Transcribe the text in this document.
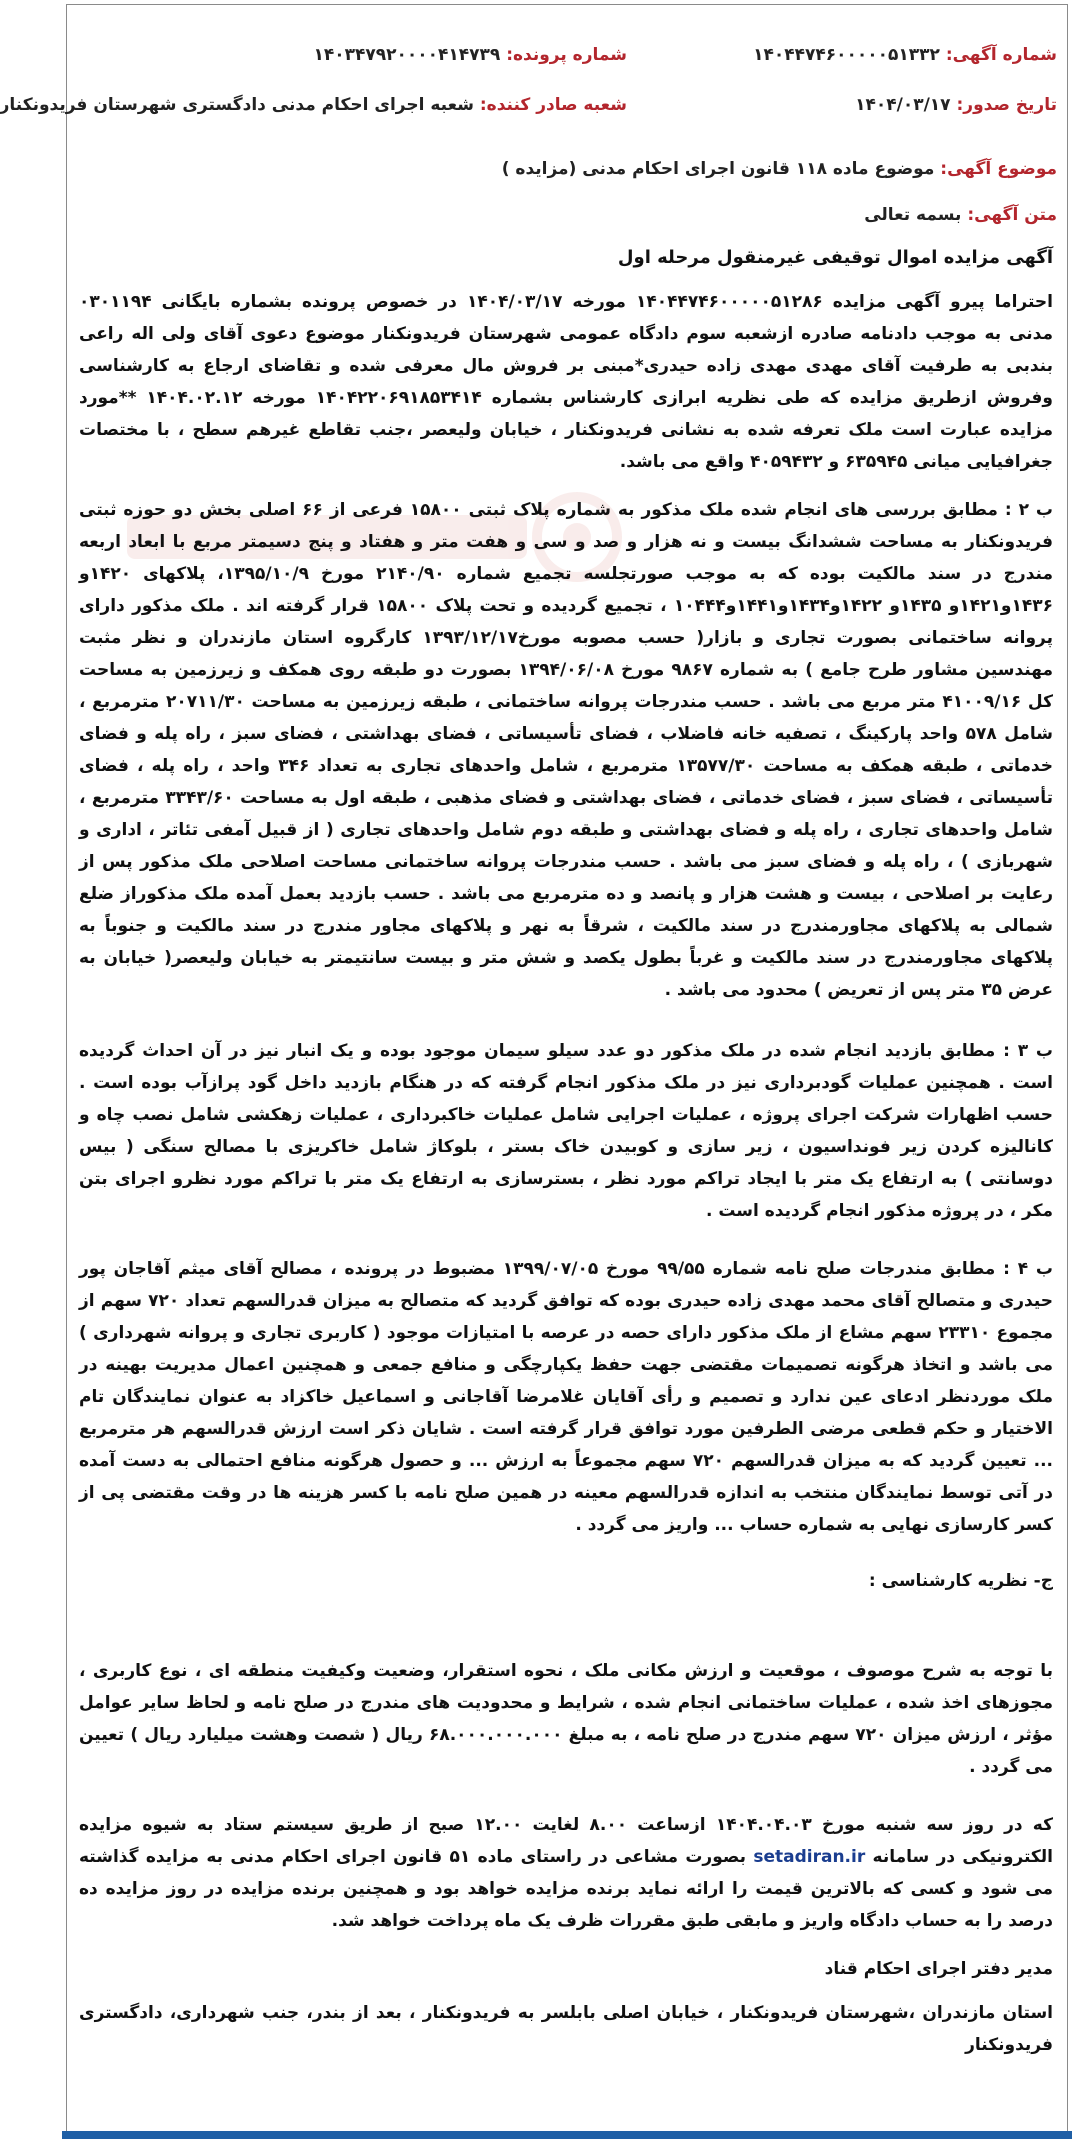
شماره آگهی: ۱۴۰۴۴۷۴۶۰۰۰۰۰۵۱۳۳۲
شماره پرونده: ۱۴۰۳۴۷۹۲۰۰۰۰۴۱۴۷۳۹
تاریخ صدور: ۱۴۰۴/۰۳/۱۷
شعبه صادر کننده: شعبه اجرای احکام مدنی دادگستری شهرستان فریدونکنار
موضوع آگهی: موضوع ماده ۱۱۸ قانون اجرای احکام مدنی (مزایده )
متن آگهی: بسمه تعالی
آگهی مزایده اموال توقیفی غیرمنقول مرحله اول

احتراما پیرو آگهی مزایده ۱۴۰۴۴۷۴۶۰۰۰۰۰۵۱۲۸۶ مورخه ۱۴۰۴/۰۳/۱۷ در خصوص پرونده بشماره بایگانی ۰۳۰۱۱۹۴ مدنی به موجب دادنامه صادره ازشعبه سوم دادگاه عمومی شهرستان فریدونکنار موضوع دعوی آقای ولی اله راعی بندبی به طرفیت آقای مهدی مهدی زاده حیدری*مبنی بر فروش مال معرفی شده و تقاضای ارجاع به کارشناسی وفروش ازطریق مزایده که طی نظریه ابرازی کارشناس بشماره ۱۴۰۴۲۲۰۶۹۱۸۵۳۴۱۴ مورخه ۱۴۰۴.۰۲.۱۲ **مورد مزایده عبارت است ملک تعرفه شده به نشانی فریدونکنار ، خیابان ولیعصر ،جنب تقاطع غیرهم سطح ، با مختصات جغرافیایی میانی ۶۳۵۹۴۵ و ۴۰۵۹۴۳۲ واقع می باشد.

ب ۲ : مطابق بررسی های انجام شده ملک مذکور به شماره پلاک ثبتی ۱۵۸۰۰ فرعی از ۶۶ اصلی بخش دو حوزه ثبتی فریدونکنار به مساحت ششدانگ بیست و نه هزار و صد و سی و هفت متر و هفتاد و پنج دسیمتر مربع با ابعاد اربعه مندرج در سند مالکیت بوده که به موجب صورتجلسه تجمیع شماره ۲۱۴۰/۹۰ مورخ ۱۳۹۵/۱۰/۹، پلاکهای ۱۴۲۰و ۱۴۳۶و۱۴۲۱و ۱۴۳۵و ۱۴۲۲و۱۴۳۴و۱۴۴۱و۱۰۴۴۴ ، تجمیع گردیده و تحت پلاک ۱۵۸۰۰ قرار گرفته اند . ملک مذکور دارای پروانه ساختمانی بصورت تجاری و بازار( حسب مصوبه مورخ۱۳۹۳/۱۲/۱۷ کارگروه استان مازندران و نظر مثبت مهندسین مشاور طرح جامع ) به شماره ۹۸۶۷ مورخ ۱۳۹۴/۰۶/۰۸ بصورت دو طبقه روی همکف و زیرزمین به مساحت کل ۴۱۰۰۹/۱۶ متر مربع می باشد . حسب مندرجات پروانه ساختمانی ، طبقه زیرزمین به مساحت ۲۰۷۱۱/۳۰ مترمربع ، شامل ۵۷۸ واحد پارکینگ ، تصفیه خانه فاضلاب ، فضای تأسیساتی ، فضای بهداشتی ، فضای سبز ، راه پله و فضای خدماتی ، طبقه همکف به مساحت ۱۳۵۷۷/۳۰ مترمربع ، شامل واحدهای تجاری به تعداد ۳۴۶ واحد ، راه پله ، فضای تأسیساتی ، فضای سبز ، فضای خدماتی ، فضای بهداشتی و فضای مذهبی ، طبقه اول به مساحت ۳۳۴۳/۶۰ مترمربع ، شامل واحدهای تجاری ، راه پله و فضای بهداشتی و طبقه دوم شامل واحدهای تجاری ( از قبیل آمفی تئاتر ، اداری و شهربازی ) ، راه پله و فضای سبز می باشد . حسب مندرجات پروانه ساختمانی مساحت اصلاحی ملک مذکور پس از رعایت بر اصلاحی ، بیست و هشت هزار و پانصد و ده مترمربع می باشد . حسب بازدید بعمل آمده ملک مذکوراز ضلع شمالی به پلاکهای مجاورمندرج در سند مالکیت ، شرقاً به نهر و پلاکهای مجاور مندرج در سند مالکیت و جنوباً به پلاکهای مجاورمندرج در سند مالکیت و غرباً بطول یکصد و شش متر و بیست سانتیمتر به خیابان ولیعصر( خیابان به عرض ۳۵ متر پس از تعریض ) محدود می باشد .

ب ۳ : مطابق بازدید انجام شده در ملک مذکور دو عدد سیلو سیمان موجود بوده و یک انبار نیز در آن احداث گردیده است . همچنین عملیات گودبرداری نیز در ملک مذکور انجام گرفته که در هنگام بازدید داخل گود پرازآب بوده است . حسب اظهارات شرکت اجرای پروژه ، عملیات اجرایی شامل عملیات خاکبرداری ، عملیات زهکشی شامل نصب چاه و کانالیزه کردن زیر فونداسیون ، زیر سازی و کوبیدن خاک بستر ، بلوکاژ شامل خاکریزی با مصالح سنگی ( بیس دوسانتی ) به ارتفاع یک متر با ایجاد تراکم مورد نظر ، بسترسازی به ارتفاع یک متر با تراکم مورد نظرو اجرای بتن مکر ، در پروژه مذکور انجام گردیده است .

ب ۴ : مطابق مندرجات صلح نامه شماره ۹۹/۵۵ مورخ ۱۳۹۹/۰۷/۰۵ مضبوط در پرونده ، مصالح آقای میثم آقاجان پور حیدری و متصالح آقای محمد مهدی زاده حیدری بوده که توافق گردید که متصالح به میزان قدرالسهم تعداد ۷۲۰ سهم از مجموع ۲۳۳۱۰ سهم مشاع از ملک مذکور دارای حصه در عرصه با امتیازات موجود ( کاربری تجاری و پروانه شهرداری ) می باشد و اتخاذ هرگونه تصمیمات مقتضی جهت حفظ یکپارچگی و منافع جمعی و همچنین اعمال مدیریت بهینه در ملک موردنظر ادعای عین ندارد و تصمیم و رأی آقایان غلامرضا آقاجانی و اسماعیل خاکزاد به عنوان نمایندگان تام الاختیار و حکم قطعی مرضی الطرفین مورد توافق قرار گرفته است . شایان ذکر است ارزش قدرالسهم هر مترمربع ... تعیین گردید که به میزان قدرالسهم ۷۲۰ سهم مجموعاً به ارزش ... و حصول هرگونه منافع احتمالی به دست آمده در آتی توسط نمایندگان منتخب به اندازه قدرالسهم معینه در همین صلح نامه با کسر هزینه ها در وقت مقتضی پی از کسر کارسازی نهایی به شماره حساب ... واریز می گردد .

ج- نظریه کارشناسی :

با توجه به شرح موصوف ، موقعیت و ارزش مکانی ملک ، نحوه استقرار، وضعیت وکیفیت منطقه ای ، نوع کاربری ، مجوزهای اخذ شده ، عملیات ساختمانی انجام شده ، شرایط و محدودیت های مندرج در صلح نامه و لحاظ سایر عوامل مؤثر ، ارزش میزان ۷۲۰ سهم مندرج در صلح نامه ، به مبلغ ۶۸.۰۰۰.۰۰۰.۰۰۰ ریال ( شصت وهشت میلیارد ریال ) تعیین می گردد .

که در روز سه شنبه مورخ ۱۴۰۴.۰۴.۰۳ ازساعت ۸.۰۰ لغایت ۱۲.۰۰ صبح از طریق سیستم ستاد به شیوه مزایده الکترونیکی در سامانه setadiran.ir بصورت مشاعی در راستای ماده ۵۱ قانون اجرای احکام مدنی به مزایده گذاشته می شود و کسی که بالاترین قیمت را ارائه نماید برنده مزایده خواهد بود و همچنین برنده مزایده در روز مزایده ده درصد را به حساب دادگاه واریز و مابقی طبق مقررات ظرف یک ماه پرداخت خواهد شد.

مدیر دفتر اجرای احکام قناد

استان مازندران ،شهرستان فریدونکنار ، خیابان اصلی بابلسر به فریدونکنار ، بعد از بندر، جنب شهرداری، دادگستری فریدونکنار
